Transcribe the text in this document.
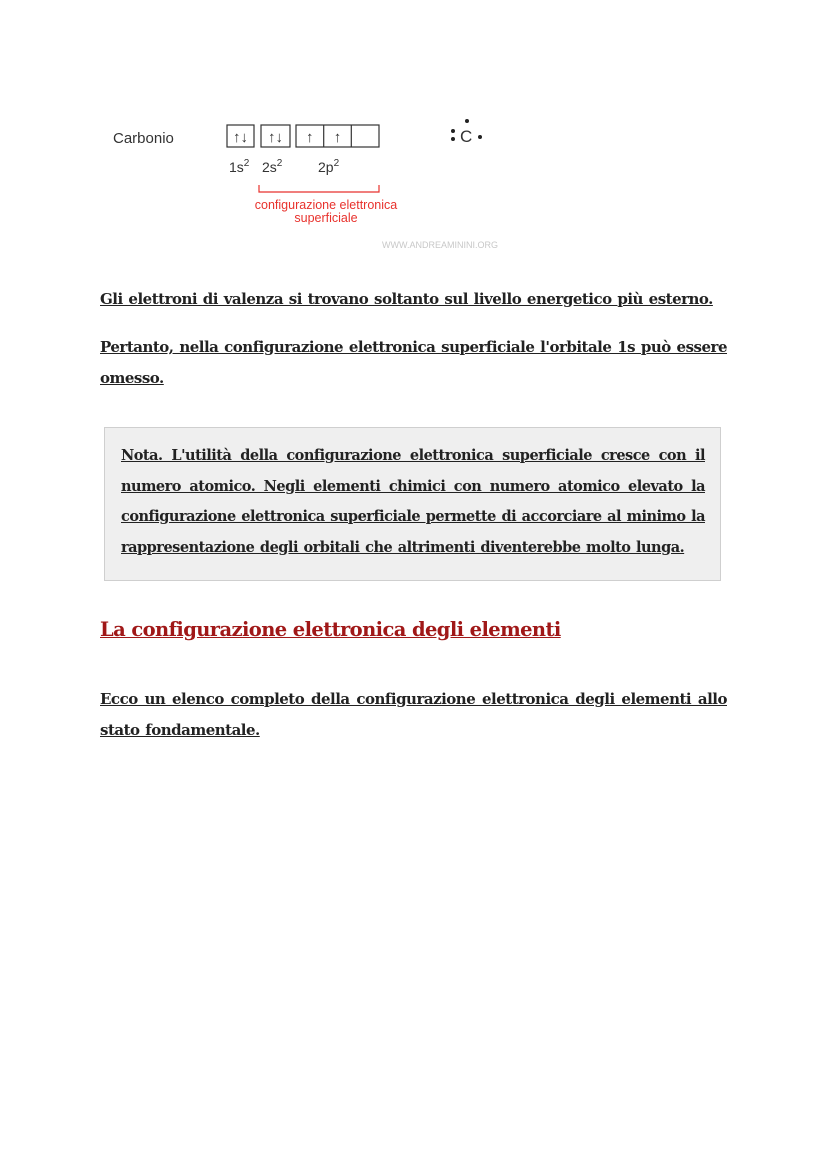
Carbonio	↑↓ ↑↓ ↑ ↑
$1s^2$ $2s^2$	$2p^2$
C
configurazione elettronica
superficiale
WWW.ANDREAMININI.ORG
Gli elettroni di valenza si trovano soltanto sul livello energetico più esterno.
Pertanto, nella configurazione elettronica superficiale l'orbitale 1s può essere omesso.
Nota. L'utilità della configurazione elettronica superficiale cresce con il numero atomico. Negli elementi chimici con numero atomico elevato la configurazione elettronica superficiale permette di accorciare al minimo la rappresentazione degli orbitali che altrimenti diventerebbe molto lunga.
La configurazione elettronica degli elementi
Ecco un elenco completo della configurazione elettronica degli elementi allo stato fondamentale.
